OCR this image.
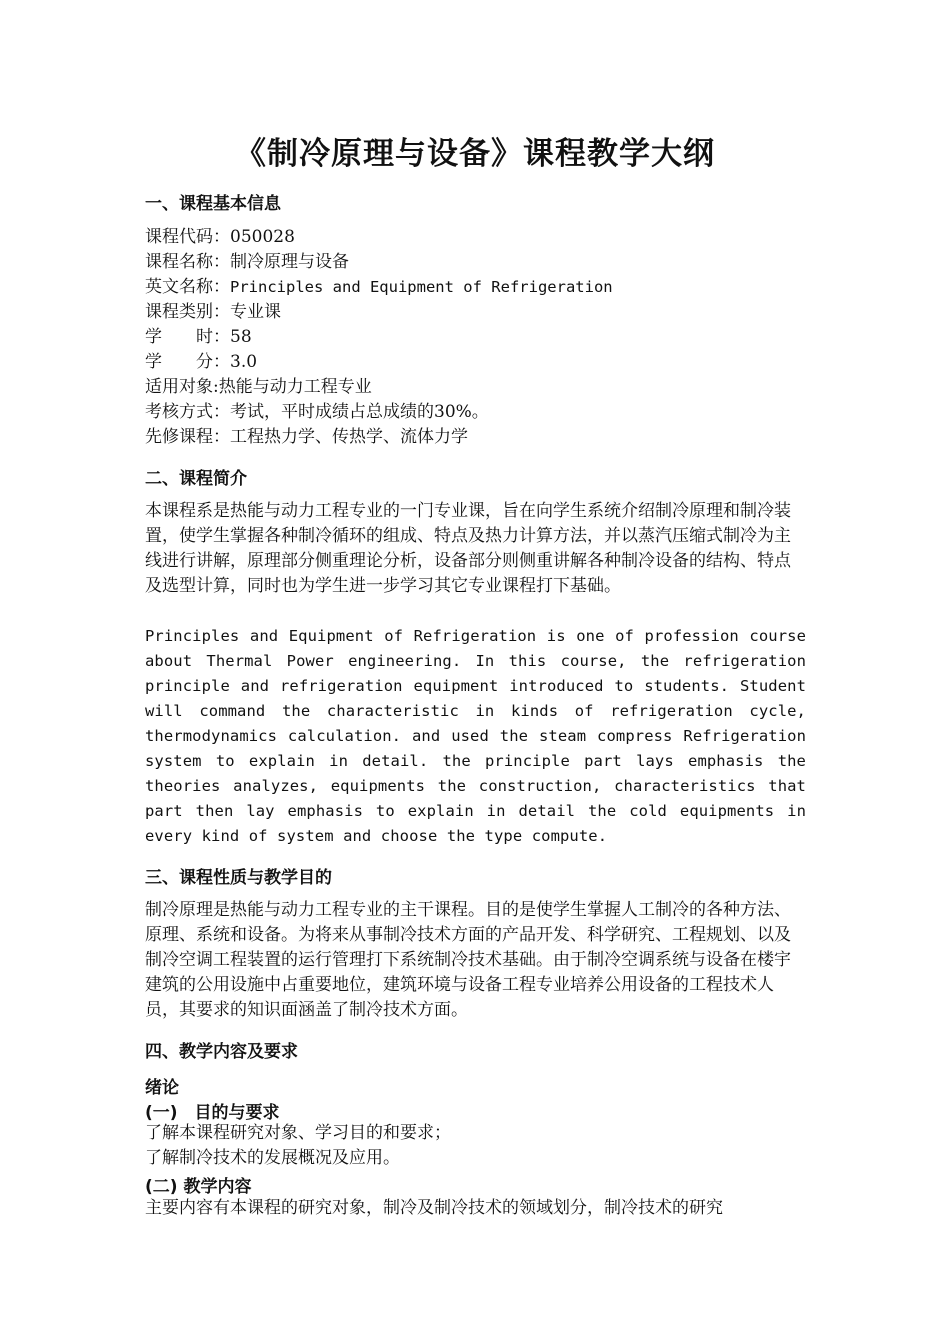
《制冷原理与设备》课程教学大纲
一、课程基本信息
课程代码：050028
课程名称：制冷原理与设备
英文名称：Principles and Equipment of Refrigeration
课程类别：专业课
学　　时：58
学　　分：3.0
适用对象:热能与动力工程专业
考核方式：考试，平时成绩占总成绩的30%。
先修课程：工程热力学、传热学、流体力学
二、课程简介
本课程系是热能与动力工程专业的一门专业课，旨在向学生系统介绍制冷原理和制冷装置，使学生掌握各种制冷循环的组成、特点及热力计算方法，并以蒸汽压缩式制冷为主线进行讲解，原理部分侧重理论分析，设备部分则侧重讲解各种制冷设备的结构、特点及选型计算，同时也为学生进一步学习其它专业课程打下基础。
Principles and Equipment of Refrigeration is one of profession course about Thermal Power engineering. In this course, the refrigeration principle and refrigeration equipment introduced to students. Student will command the characteristic in kinds of refrigeration cycle, thermodynamics calculation. and used the steam compress Refrigeration system to explain in detail. the principle part lays emphasis the theories analyzes, equipments the construction, characteristics that part then lay emphasis to explain in detail the cold equipments in every kind of system and choose the type compute.
三、课程性质与教学目的
制冷原理是热能与动力工程专业的主干课程。目的是使学生掌握人工制冷的各种方法、原理、系统和设备。为将来从事制冷技术方面的产品开发、科学研究、工程规划、以及制冷空调工程装置的运行管理打下系统制冷技术基础。由于制冷空调系统与设备在楼宇建筑的公用设施中占重要地位，建筑环境与设备工程专业培养公用设备的工程技术人员，其要求的知识面涵盖了制冷技术方面。
四、教学内容及要求
绪论
(一)　目的与要求
了解本课程研究对象、学习目的和要求；
了解制冷技术的发展概况及应用。
(二) 教学内容
主要内容有本课程的研究对象，制冷及制冷技术的领域划分，制冷技术的研究
